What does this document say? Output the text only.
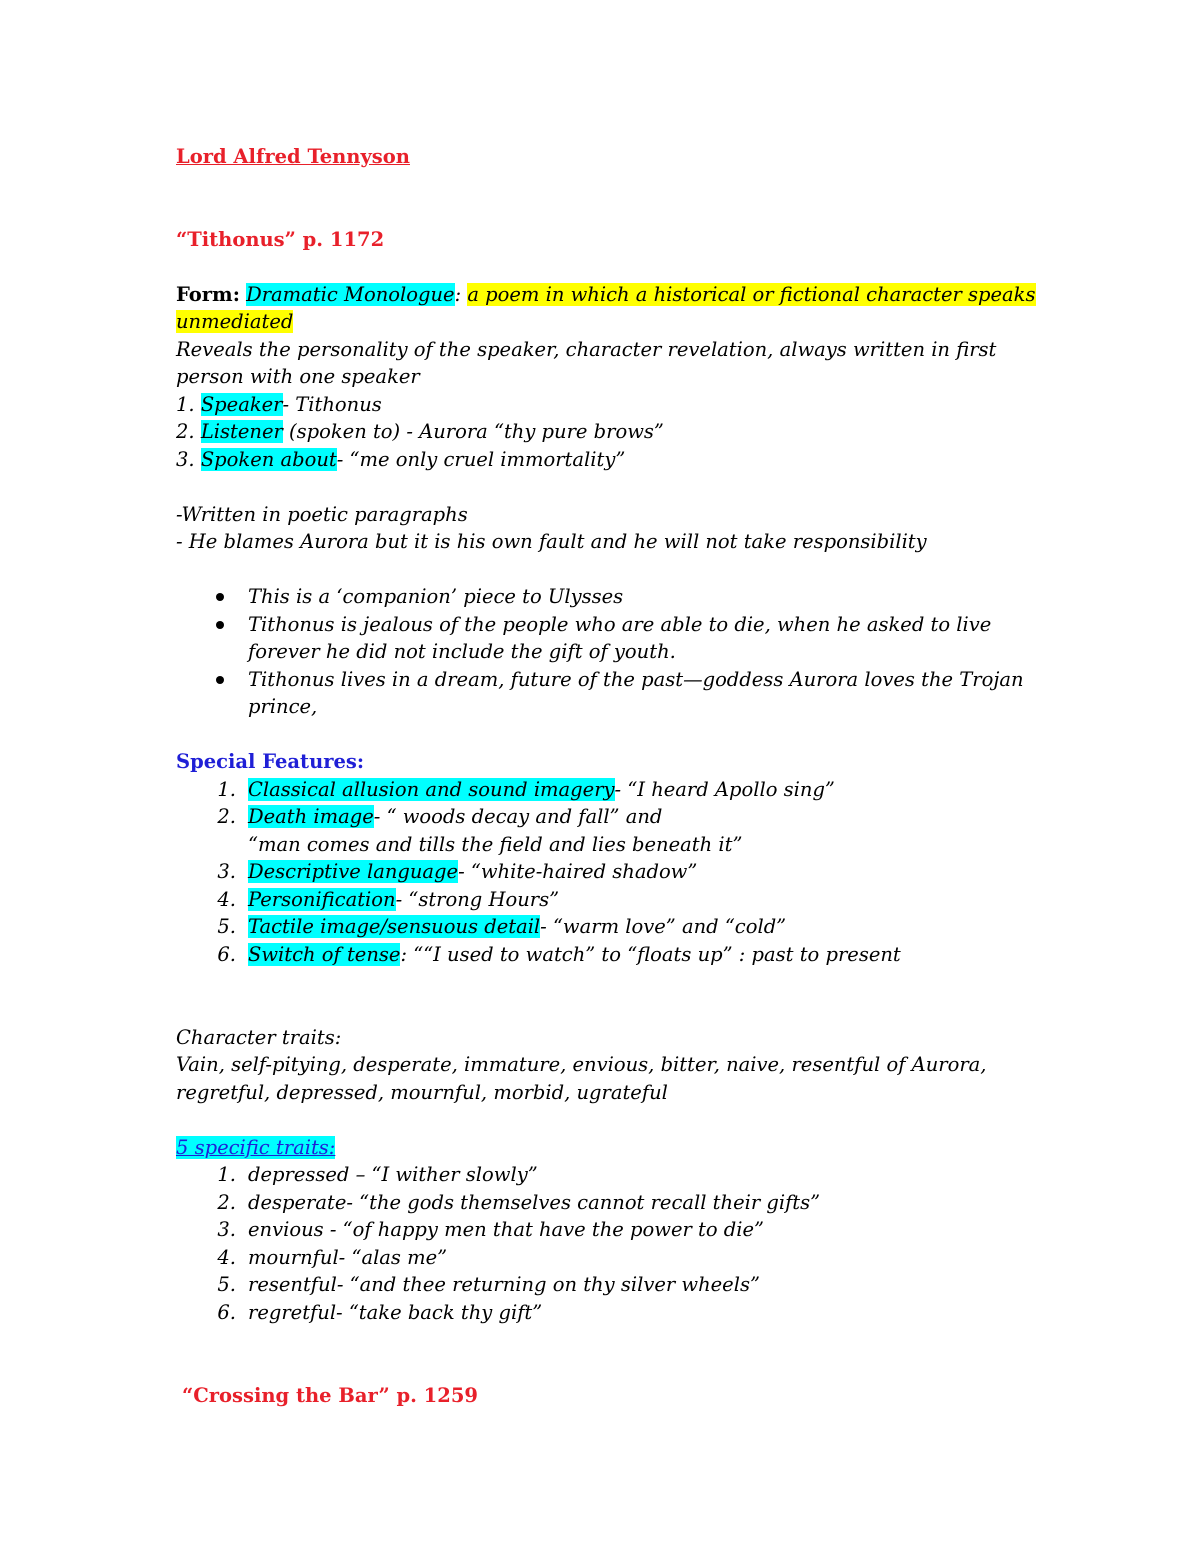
Lord Alfred Tennyson
“Tithonus” p. 1172
Form: Dramatic Monologue: a poem in which a historical or fictional character speaks
unmediated
Reveals the personality of the speaker, character revelation, always written in first
person with one speaker
1. Speaker- Tithonus
2. Listener (spoken to) - Aurora “thy pure brows”
3. Spoken about- “me only cruel immortality”
-Written in poetic paragraphs
- He blames Aurora but it is his own fault and he will not take responsibility
This is a ‘companion’ piece to Ulysses
Tithonus is jealous of the people who are able to die, when he asked to live
forever he did not include the gift of youth.
Tithonus lives in a dream, future of the past—goddess Aurora loves the Trojan
prince,
Special Features:
1. Classical allusion and sound imagery- “I heard Apollo sing”
2. Death image- “ woods decay and fall” and
“man comes and tills the field and lies beneath it”
3. Descriptive language- “white-haired shadow”
4. Personification- “strong Hours”
5. Tactile image/sensuous detail- “warm love” and “cold”
6. Switch of tense: ““I used to watch” to “floats up” : past to present
Character traits:
Vain, self-pitying, desperate, immature, envious, bitter, naive, resentful of Aurora,
regretful, depressed, mournful, morbid, ugrateful
5 specific traits:
1. depressed – “I wither slowly”
2. desperate- “the gods themselves cannot recall their gifts”
3. envious - “of happy men that have the power to die”
4. mournful- “alas me”
5. resentful- “and thee returning on thy silver wheels”
6. regretful- “take back thy gift”
“Crossing the Bar” p. 1259
